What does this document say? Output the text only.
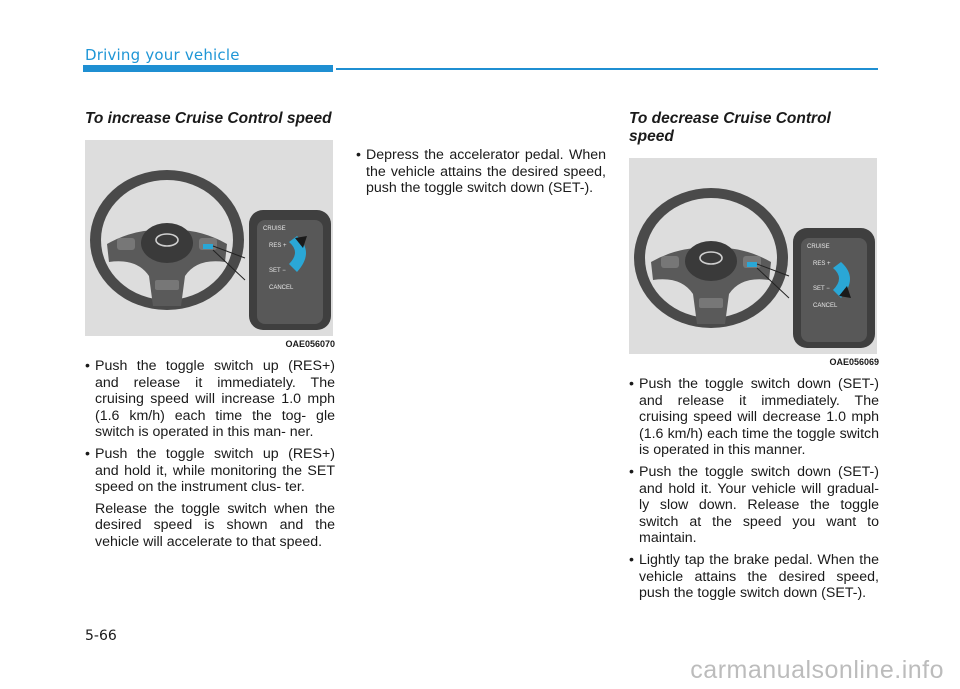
Driving your vehicle
To increase Cruise Control speed
CRUISE
RES +
SET −
CANCEL
OAE056070
• Push the toggle switch up (RES+) and release it immediately. The cruising speed will increase 1.0 mph (1.6 km/h) each time the tog- gle switch is operated in this man- ner.
• Push the toggle switch up (RES+) and hold it, while monitoring the SET speed on the instrument clus- ter.

Release the toggle switch when the desired speed is shown and the vehicle will accelerate to that speed.

• Depress the accelerator pedal. When the vehicle attains the desired speed, push the toggle switch down (SET-).
To decrease Cruise Control speed
CRUISE
RES +
SET −
CANCEL
OAE056069
• Push the toggle switch down (SET-) and release it immediately. The cruising speed will decrease 1.0 mph (1.6 km/h) each time the toggle switch is operated in this manner.
• Push the toggle switch down (SET-) and hold it. Your vehicle will gradual- ly slow down. Release the toggle switch at the speed you want to maintain.
• Lightly tap the brake pedal. When the vehicle attains the desired speed, push the toggle switch down (SET-).
5-66
carmanualsonline.info
